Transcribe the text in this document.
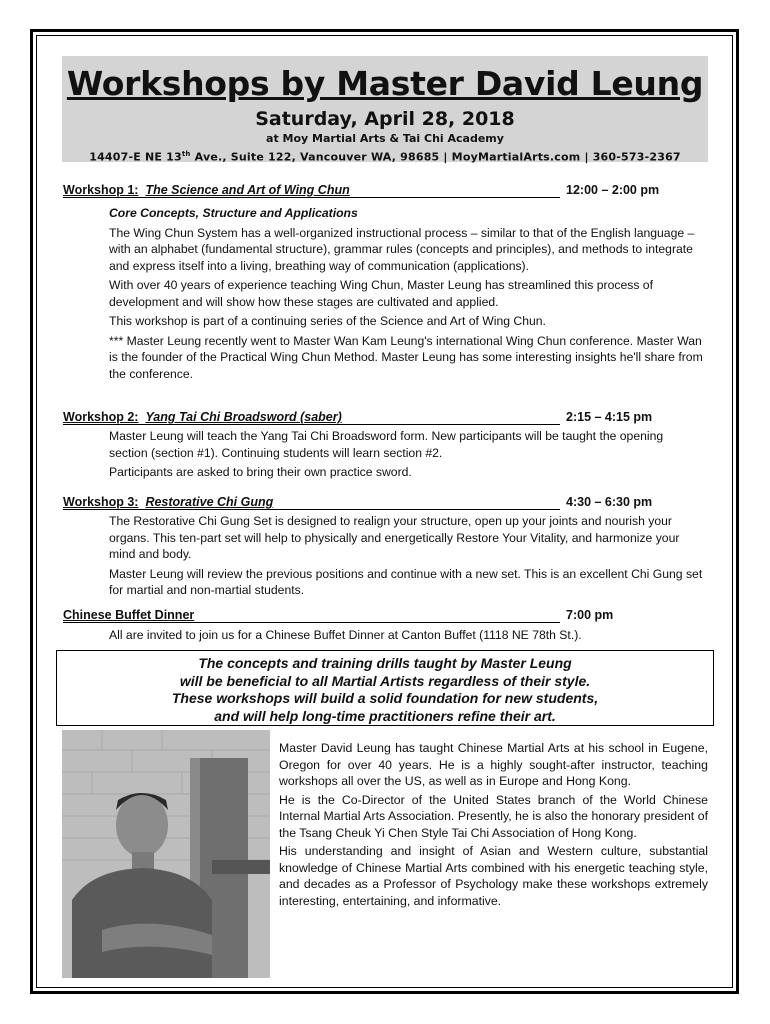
Workshops by Master David Leung
Saturday, April 28, 2018
at Moy Martial Arts & Tai Chi Academy
14407-E NE 13th Ave., Suite 122, Vancouver WA, 98685 | MoyMartialArts.com | 360-573-2367
Workshop 1: The Science and Art of Wing Chun	12:00 – 2:00 pm

Core Concepts, Structure and Applications

The Wing Chun System has a well-organized instructional process – similar to that of the English language – with an alphabet (fundamental structure), grammar rules (concepts and principles), and methods to integrate and express itself into a living, breathing way of communication (applications).

With over 40 years of experience teaching Wing Chun, Master Leung has streamlined this process of development and will show how these stages are cultivated and applied.

This workshop is part of a continuing series of the Science and Art of Wing Chun.

*** Master Leung recently went to Master Wan Kam Leung's international Wing Chun conference. Master Wan is the founder of the Practical Wing Chun Method. Master Leung has some interesting insights he'll share from the conference.

Workshop 2: Yang Tai Chi Broadsword (saber)	2:15 – 4:15 pm

Master Leung will teach the Yang Tai Chi Broadsword form. New participants will be taught the opening section (section #1). Continuing students will learn section #2.

Participants are asked to bring their own practice sword.

Workshop 3: Restorative Chi Gung	4:30 – 6:30 pm

The Restorative Chi Gung Set is designed to realign your structure, open up your joints and nourish your organs. This ten-part set will help to physically and energetically Restore Your Vitality, and harmonize your mind and body.

Master Leung will review the previous positions and continue with a new set. This is an excellent Chi Gung set for martial and non-martial students.

Chinese Buffet Dinner	7:00 pm

All are invited to join us for a Chinese Buffet Dinner at Canton Buffet (1118 NE 78th St.).

The concepts and training drills taught by Master Leung
will be beneficial to all Martial Artists regardless of their style.
These workshops will build a solid foundation for new students,
and will help long-time practitioners refine their art.

Master David Leung has taught Chinese Martial Arts at his school in Eugene, Oregon for over 40 years. He is a highly sought-after instructor, teaching workshops all over the US, as well as in Europe and Hong Kong.

He is the Co-Director of the United States branch of the World Chinese Internal Martial Arts Association. Presently, he is also the honorary president of the Tsang Cheuk Yi Chen Style Tai Chi Association of Hong Kong.

His understanding and insight of Asian and Western culture, substantial knowledge of Chinese Martial Arts combined with his energetic teaching style, and decades as a Professor of Psychology make these workshops extremely interesting, entertaining, and informative.
